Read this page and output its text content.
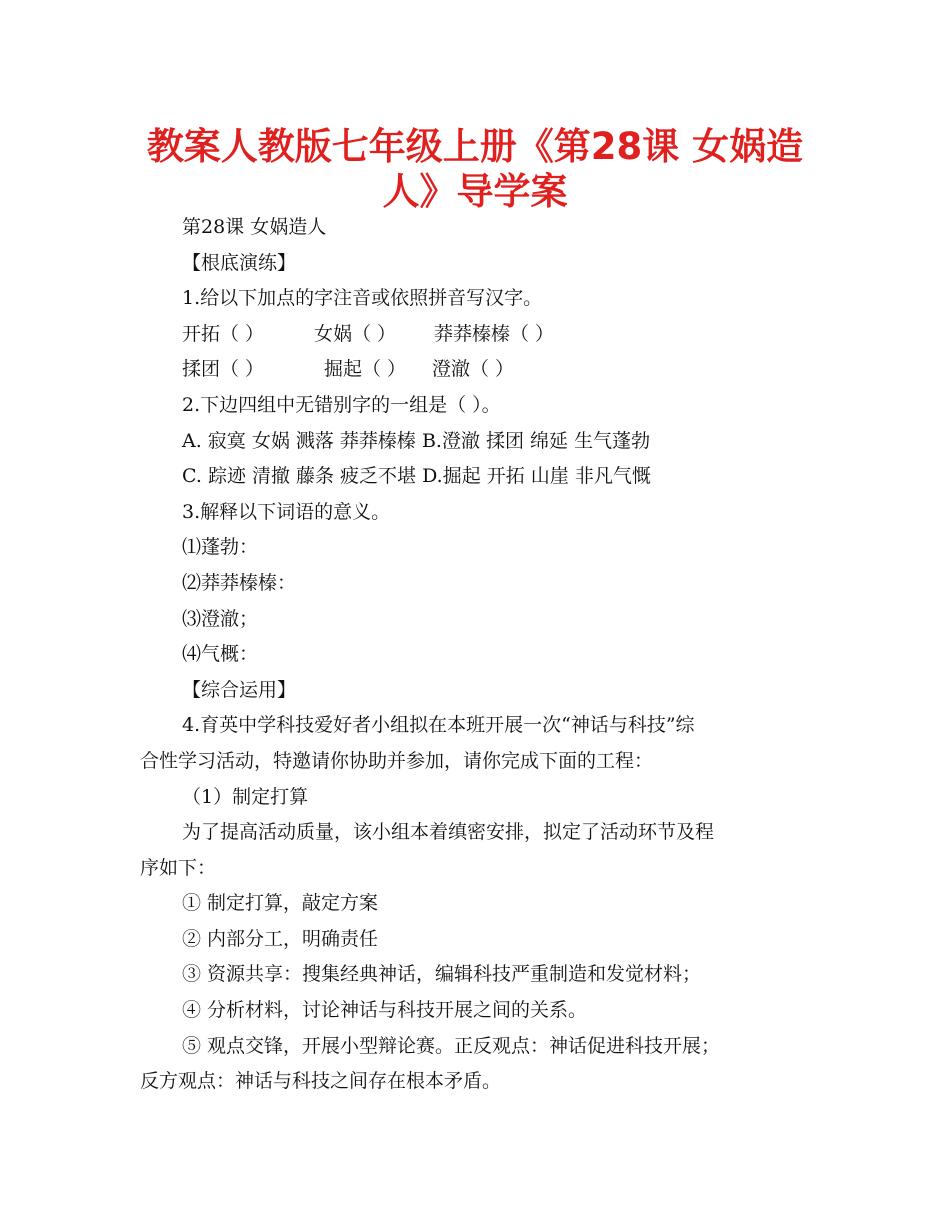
教案人教版七年级上册《第28课 女娲造
人》导学案
第28课 女娲造人
【根底演练】
1.给以下加点的字注音或依照拼音写汉字。
开拓（ ）	女娲（ ） 莽莽榛榛（ ）
揉团（ ）	掘起（ ） 澄澈（ ）
2.下边四组中无错别字的一组是（ ）。
A. 寂寞 女娲 溅落 莽莽榛榛 B.澄澈 揉团 绵延 生气蓬勃
C. 踪迹 清撤 藤条 疲乏不堪 D.掘起 开拓 山崖 非凡气慨
3.解释以下词语的意义。
⑴蓬勃：
⑵莽莽榛榛：
⑶澄澈；
⑷气概：
【综合运用】
4.育英中学科技爱好者小组拟在本班开展一次“神话与科技”综
合性学习活动，特邀请你协助并参加，请你完成下面的工程：
（1）制定打算
为了提高活动质量，该小组本着缜密安排，拟定了活动环节及程
序如下：
① 制定打算，敲定方案
② 内部分工，明确责任
③ 资源共享：搜集经典神话，编辑科技严重制造和发觉材料；
④ 分析材料，讨论神话与科技开展之间的关系。
⑤ 观点交锋，开展小型辩论赛。正反观点：神话促进科技开展；
反方观点：神话与科技之间存在根本矛盾。
